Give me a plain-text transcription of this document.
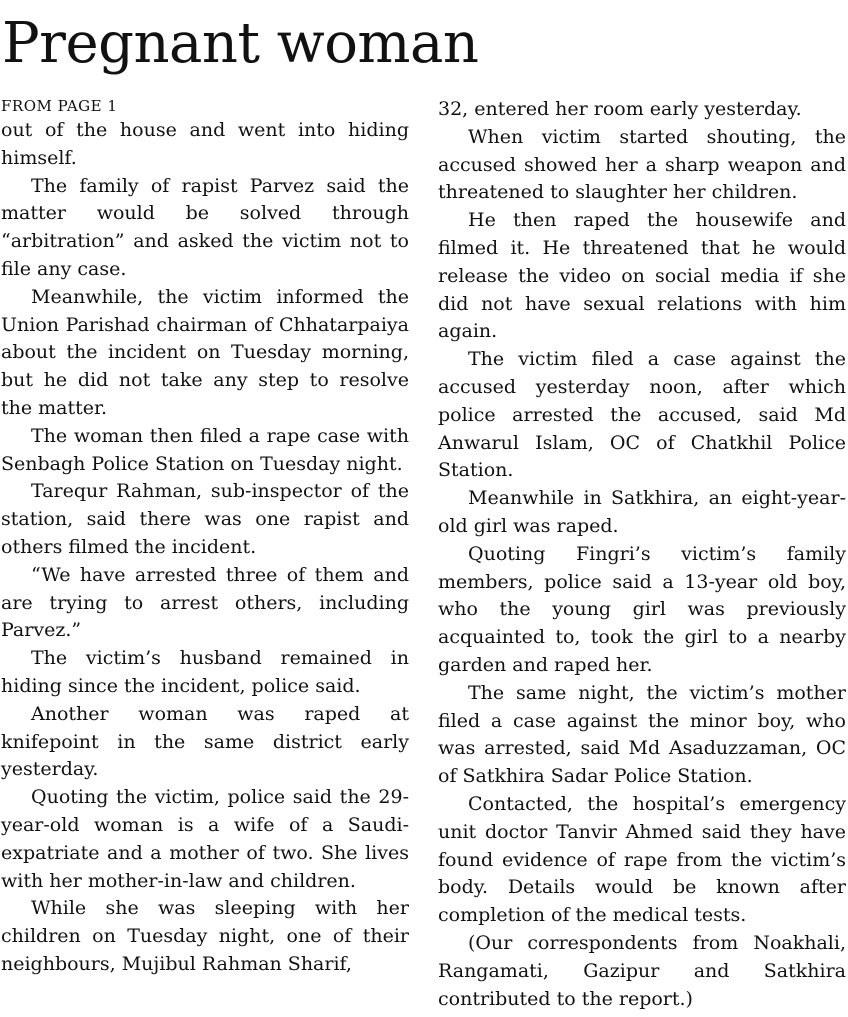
Pregnant woman
FROM PAGE 1

out of the house and went into hiding himself.

The family of rapist Parvez said the matter would be solved through “arbitration” and asked the victim not to file any case.

Meanwhile, the victim informed the Union Parishad chairman of Chhatarpaiya about the incident on Tuesday morning, but he did not take any step to resolve the matter.

The woman then filed a rape case with Senbagh Police Station on Tuesday night.

Tarequr Rahman, sub-inspector of the station, said there was one rapist and others filmed the incident.

“We have arrested three of them and are trying to arrest others, including Parvez.”

The victim’s husband remained in hiding since the incident, police said.

Another woman was raped at knifepoint in the same district early yesterday.

Quoting the victim, police said the 29-year-old woman is a wife of a Saudi-expatriate and a mother of two. She lives with her mother-in-law and children.

While she was sleeping with her children on Tuesday night, one of their neighbours, Mujibul Rahman Sharif,

32, entered her room early yesterday.

When victim started shouting, the accused showed her a sharp weapon and threatened to slaughter her children.

He then raped the housewife and filmed it. He threatened that he would release the video on social media if she did not have sexual relations with him again.

The victim filed a case against the accused yesterday noon, after which police arrested the accused, said Md Anwarul Islam, OC of Chatkhil Police Station.

Meanwhile in Satkhira, an eight-year-old girl was raped.

Quoting Fingri’s victim’s family members, police said a 13-year old boy, who the young girl was previously acquainted to, took the girl to a nearby garden and raped her.

The same night, the victim’s mother filed a case against the minor boy, who was arrested, said Md Asaduzzaman, OC of Satkhira Sadar Police Station.

Contacted, the hospital’s emergency unit doctor Tanvir Ahmed said they have found evidence of rape from the victim’s body. Details would be known after completion of the medical tests.

(Our correspondents from Noakhali, Rangamati, Gazipur and Satkhira contributed to the report.)
